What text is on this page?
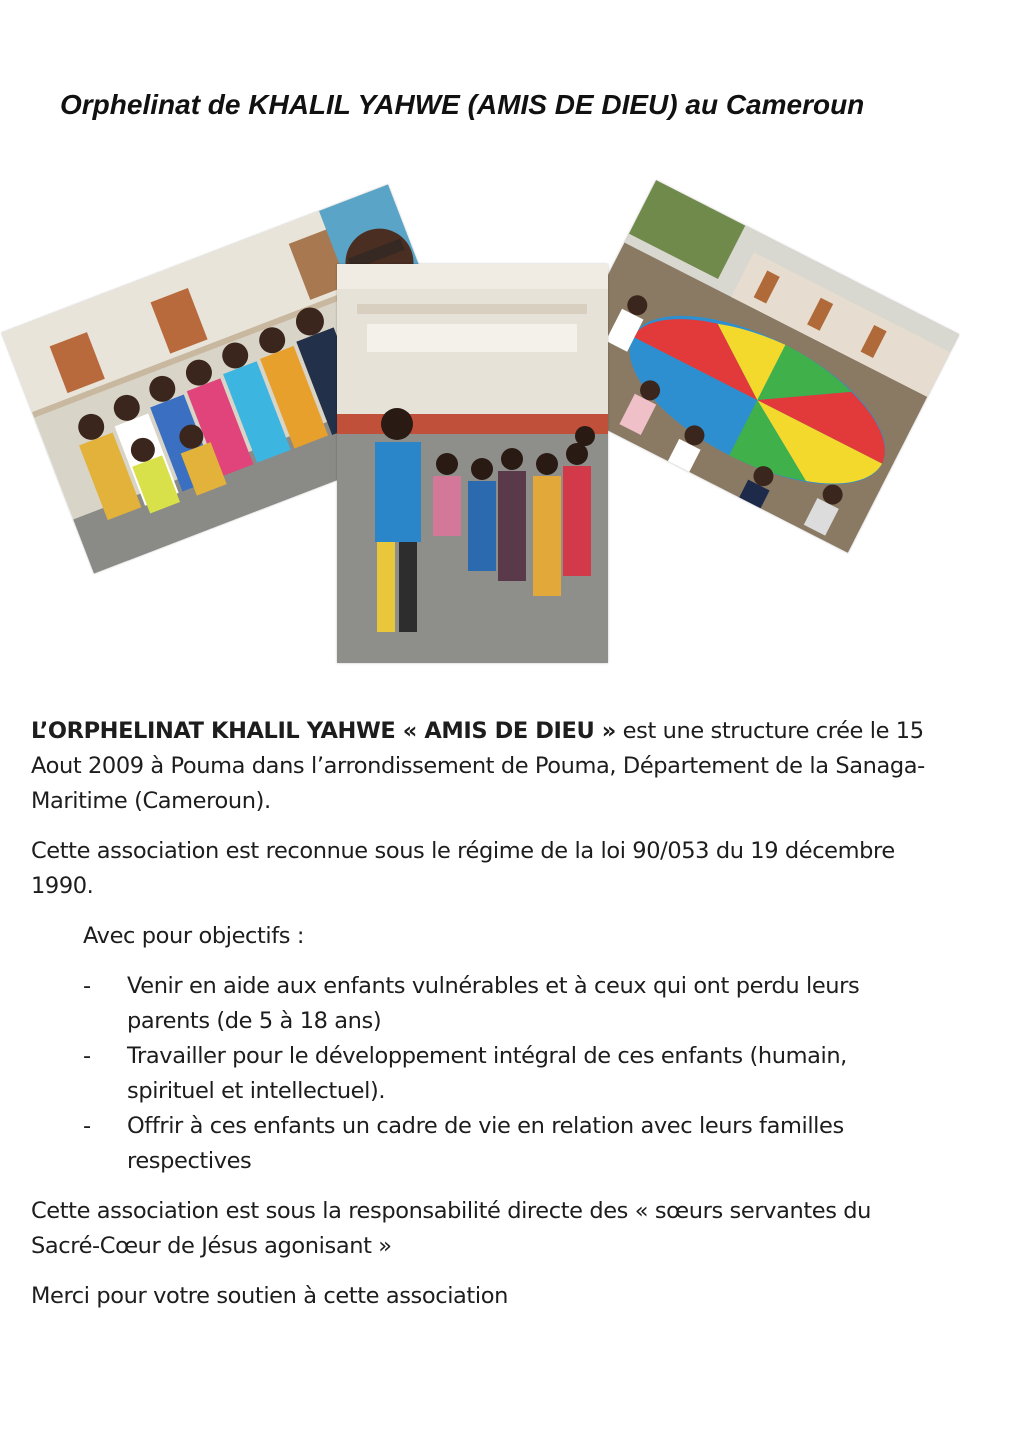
Orphelinat de KHALIL YAHWE (AMIS DE DIEU) au Cameroun

L’ORPHELINAT KHALIL YAHWE « AMIS DE DIEU » est une structure crée le 15 Aout 2009 à Pouma dans l’arrondissement de Pouma, Département de la Sanaga-Maritime (Cameroun).

Cette association est reconnue sous le régime de la loi 90/053 du 19 décembre 1990.

Avec pour objectifs :

- Venir en aide aux enfants vulnérables et à ceux qui ont perdu leurs parents (de 5 à 18 ans)
- Travailler pour le développement intégral de ces enfants (humain, spirituel et intellectuel).
- Offrir à ces enfants un cadre de vie en relation avec leurs familles respectives

Cette association est sous la responsabilité directe des « sœurs servantes du Sacré-Cœur de Jésus agonisant »

Merci pour votre soutien à cette association
